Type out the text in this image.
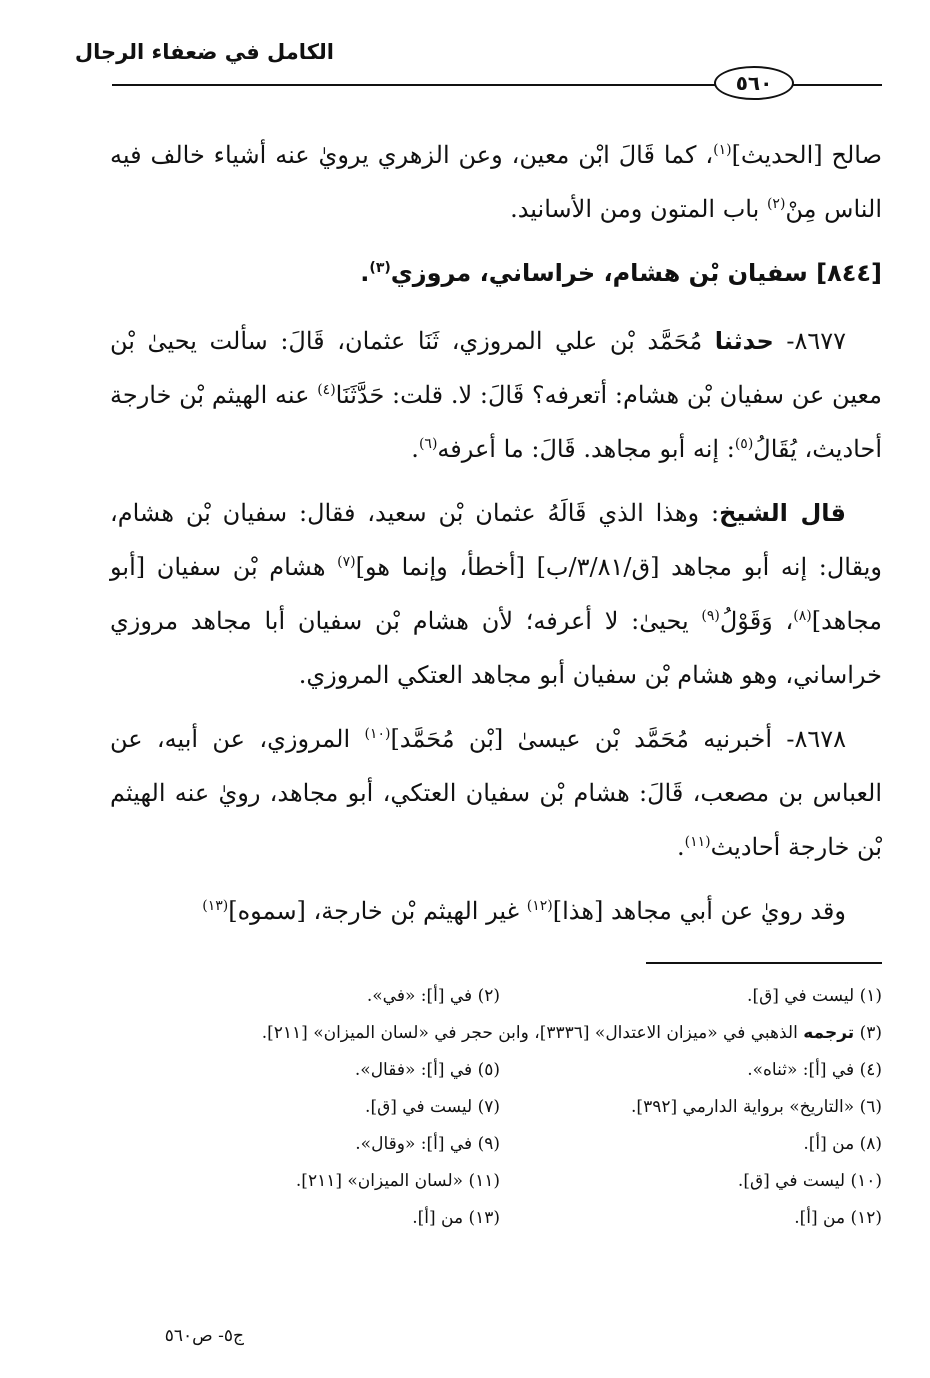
الكامل في ضعفاء الرجال
٥٦٠

صالح [الحديث]$^{(١)}$، كما قَالَ ابْن معين، وعن الزهري يرويٰ عنه أشياء خالف فيه الناس مِنْ$^{(٢)}$ باب المتون ومن الأسانيد.

[٨٤٤] سفيان بْن هشام، خراساني، مروزي$^{(٣)}$.

٨٦٧٧- حدثنا مُحَمَّد بْن علي المروزي، ثَنَا عثمان، قَالَ: سألت يحيىٰ بْن معين عن سفيان بْن هشام: أتعرفه؟ قَالَ: لا. قلت: حَدَّثَنَا$^{(٤)}$ عنه الهيثم بْن خارجة أحاديث، يُقَالُ$^{(٥)}$: إنه أبو مجاهد. قَالَ: ما أعرفه$^{(٦)}$.

قال الشيخ: وهذا الذي قَالَهُ عثمان بْن سعيد، فقال: سفيان بْن هشام، ويقال: إنه أبو مجاهد [ق/٣/٨١/ب] [أخطأ، وإنما هو]$^{(٧)}$ هشام بْن سفيان [أبو مجاهد]$^{(٨)}$، وَقَوْلُ$^{(٩)}$ يحيىٰ: لا أعرفه؛ لأن هشام بْن سفيان أبا مجاهد مروزي خراساني، وهو هشام بْن سفيان أبو مجاهد العتكي المروزي.

٨٦٧٨- أخبرنيه مُحَمَّد بْن عيسىٰ [بْن مُحَمَّد]$^{(١٠)}$ المروزي، عن أبيه، عن العباس بن مصعب، قَالَ: هشام بْن سفيان العتكي، أبو مجاهد، رويٰ عنه الهيثم بْن خارجة أحاديث$^{(١١)}$.

وقد رويٰ عن أبي مجاهد [هذا]$^{(١٢)}$ غير الهيثم بْن خارجة، [سموه]$^{(١٣)}$

(١) ليست في [ق].
(٢) في [أ]: «في».
(٣) ترجمه الذهبي في «ميزان الاعتدال» [٣٣٣٦]، وابن حجر في «لسان الميزان» [٢١١].
(٤) في [أ]: «ثناه».
(٥) في [أ]: «فقال».
(٦) «التاريخ» برواية الدارمي [٣٩٢].
(٧) ليست في [ق].
(٨) من [أ].
(٩) في [أ]: «وقال».
(١٠) ليست في [ق].
(١١) «لسان الميزان» [٢١١].
(١٢) من [أ].
(١٣) من [أ].
ج٥- ص٥٦٠
